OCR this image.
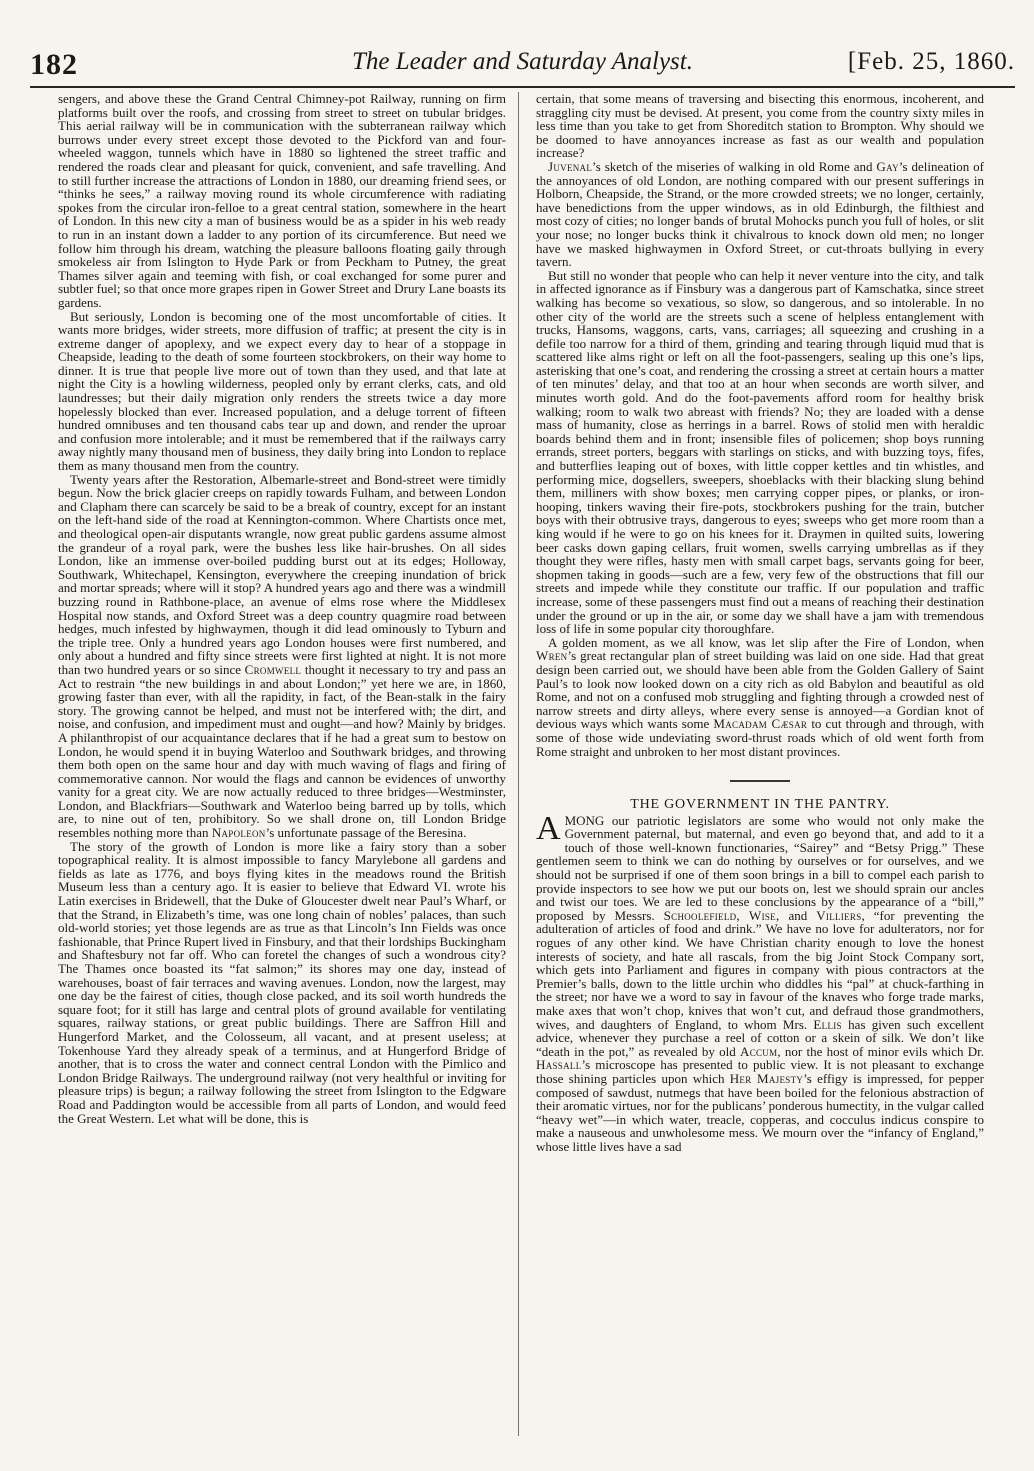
182	The Leader and Saturday Analyst.	[Feb. 25, 1860.

sengers, and above these the Grand Central Chimney-pot Railway, running on firm platforms built over the roofs, and crossing from street to street on tubular bridges. This aerial railway will be in communication with the subterranean railway which burrows under every street except those devoted to the Pickford van and four-wheeled waggon, tunnels which have in 1880 so lightened the street traffic and rendered the roads clear and pleasant for quick, convenient, and safe travelling. And to still further increase the attractions of London in 1880, our dreaming friend sees, or “thinks he sees,” a railway moving round its whole circumference with radiating spokes from the circular iron-felloe to a great central station, somewhere in the heart of London. In this new city a man of business would be as a spider in his web ready to run in an instant down a ladder to any portion of its circumference. But need we follow him through his dream, watching the pleasure balloons floating gaily through smokeless air from Islington to Hyde Park or from Peckham to Putney, the great Thames silver again and teeming with fish, or coal exchanged for some purer and subtler fuel; so that once more grapes ripen in Gower Street and Drury Lane boasts its gardens.

But seriously, London is becoming one of the most uncomfortable of cities. It wants more bridges, wider streets, more diffusion of traffic; at present the city is in extreme danger of apoplexy, and we expect every day to hear of a stoppage in Cheapside, leading to the death of some fourteen stockbrokers, on their way home to dinner. It is true that people live more out of town than they used, and that late at night the City is a howling wilderness, peopled only by errant clerks, cats, and old laundresses; but their daily migration only renders the streets twice a day more hopelessly blocked than ever. Increased population, and a deluge torrent of fifteen hundred omnibuses and ten thousand cabs tear up and down, and render the uproar and confusion more intolerable; and it must be remembered that if the railways carry away nightly many thousand men of business, they daily bring into London to replace them as many thousand men from the country.

Twenty years after the Restoration, Albemarle-street and Bond-street were timidly begun. Now the brick glacier creeps on rapidly towards Fulham, and between London and Clapham there can scarcely be said to be a break of country, except for an instant on the left-hand side of the road at Kennington-common. Where Chartists once met, and theological open-air disputants wrangle, now great public gardens assume almost the grandeur of a royal park, were the bushes less like hair-brushes. On all sides London, like an immense over-boiled pudding burst out at its edges; Holloway, Southwark, Whitechapel, Kensington, everywhere the creeping inundation of brick and mortar spreads; where will it stop? A hundred years ago and there was a windmill buzzing round in Rathbone-place, an avenue of elms rose where the Middlesex Hospital now stands, and Oxford Street was a deep country quagmire road between hedges, much infested by highwaymen, though it did lead ominously to Tyburn and the triple tree. Only a hundred years ago London houses were first numbered, and only about a hundred and fifty since streets were first lighted at night. It is not more than two hundred years or so since Cromwell thought it necessary to try and pass an Act to restrain “the new buildings in and about London;” yet here we are, in 1860, growing faster than ever, with all the rapidity, in fact, of the Bean-stalk in the fairy story. The growing cannot be helped, and must not be interfered with; the dirt, and noise, and confusion, and impediment must and ought—and how? Mainly by bridges. A philanthropist of our acquaintance declares that if he had a great sum to bestow on London, he would spend it in buying Waterloo and Southwark bridges, and throwing them both open on the same hour and day with much waving of flags and firing of commemorative cannon. Nor would the flags and cannon be evidences of unworthy vanity for a great city. We are now actually reduced to three bridges—Westminster, London, and Blackfriars—Southwark and Waterloo being barred up by tolls, which are, to nine out of ten, prohibitory. So we shall drone on, till London Bridge resembles nothing more than Napoleon’s unfortunate passage of the Beresina.

The story of the growth of London is more like a fairy story than a sober topographical reality. It is almost impossible to fancy Marylebone all gardens and fields as late as 1776, and boys flying kites in the meadows round the British Museum less than a century ago. It is easier to believe that Edward VI. wrote his Latin exercises in Bridewell, that the Duke of Gloucester dwelt near Paul’s Wharf, or that the Strand, in Elizabeth’s time, was one long chain of nobles’ palaces, than such old-world stories; yet those legends are as true as that Lincoln’s Inn Fields was once fashionable, that Prince Rupert lived in Finsbury, and that their lordships Buckingham and Shaftesbury not far off. Who can foretel the changes of such a wondrous city? The Thames once boasted its “fat salmon;” its shores may one day, instead of warehouses, boast of fair terraces and waving avenues. London, now the largest, may one day be the fairest of cities, though close packed, and its soil worth hundreds the square foot; for it still has large and central plots of ground available for ventilating squares, railway stations, or great public buildings. There are Saffron Hill and Hungerford Market, and the Colosseum, all vacant, and at present useless; at Tokenhouse Yard they already speak of a terminus, and at Hungerford Bridge of another, that is to cross the water and connect central London with the Pimlico and London Bridge Railways. The underground railway (not very healthful or inviting for pleasure trips) is begun; a railway following the street from Islington to the Edgware Road and Paddington would be accessible from all parts of London, and would feed the Great Western. Let what will be done, this is

certain, that some means of traversing and bisecting this enormous, incoherent, and straggling city must be devised. At present, you come from the country sixty miles in less time than you take to get from Shoreditch station to Brompton. Why should we be doomed to have annoyances increase as fast as our wealth and population increase?

Juvenal’s sketch of the miseries of walking in old Rome and Gay’s delineation of the annoyances of old London, are nothing compared with our present sufferings in Holborn, Cheapside, the Strand, or the more crowded streets; we no longer, certainly, have benedictions from the upper windows, as in old Edinburgh, the filthiest and most cozy of cities; no longer bands of brutal Mohocks punch you full of holes, or slit your nose; no longer bucks think it chivalrous to knock down old men; no longer have we masked highwaymen in Oxford Street, or cut-throats bullying in every tavern.

But still no wonder that people who can help it never venture into the city, and talk in affected ignorance as if Finsbury was a dangerous part of Kamschatka, since street walking has become so vexatious, so slow, so dangerous, and so intolerable. In no other city of the world are the streets such a scene of helpless entanglement with trucks, Hansoms, waggons, carts, vans, carriages; all squeezing and crushing in a defile too narrow for a third of them, grinding and tearing through liquid mud that is scattered like alms right or left on all the foot-passengers, sealing up this one’s lips, asterisking that one’s coat, and rendering the crossing a street at certain hours a matter of ten minutes’ delay, and that too at an hour when seconds are worth silver, and minutes worth gold. And do the foot-pavements afford room for healthy brisk walking; room to walk two abreast with friends? No; they are loaded with a dense mass of humanity, close as herrings in a barrel. Rows of stolid men with heraldic boards behind them and in front; insensible files of policemen; shop boys running errands, street porters, beggars with starlings on sticks, and with buzzing toys, fifes, and butterflies leaping out of boxes, with little copper kettles and tin whistles, and performing mice, dogsellers, sweepers, shoeblacks with their blacking slung behind them, milliners with show boxes; men carrying copper pipes, or planks, or iron-hooping, tinkers waving their fire-pots, stockbrokers pushing for the train, butcher boys with their obtrusive trays, dangerous to eyes; sweeps who get more room than a king would if he were to go on his knees for it. Draymen in quilted suits, lowering beer casks down gaping cellars, fruit women, swells carrying umbrellas as if they thought they were rifles, hasty men with small carpet bags, servants going for beer, shopmen taking in goods—such are a few, very few of the obstructions that fill our streets and impede while they constitute our traffic. If our population and traffic increase, some of these passengers must find out a means of reaching their destination under the ground or up in the air, or some day we shall have a jam with tremendous loss of life in some popular city thoroughfare.

A golden moment, as we all know, was let slip after the Fire of London, when Wren’s great rectangular plan of street building was laid on one side. Had that great design been carried out, we should have been able from the Golden Gallery of Saint Paul’s to look now looked down on a city rich as old Babylon and beautiful as old Rome, and not on a confused mob struggling and fighting through a crowded nest of narrow streets and dirty alleys, where every sense is annoyed—a Gordian knot of devious ways which wants some Macadam Cæsar to cut through and through, with some of those wide undeviating sword-thrust roads which of old went forth from Rome straight and unbroken to her most distant provinces.

THE GOVERNMENT IN THE PANTRY.

AMONG our patriotic legislators are some who would not only make the Government paternal, but maternal, and even go beyond that, and add to it a touch of those well-known functionaries, “Sairey” and “Betsy Prigg.” These gentlemen seem to think we can do nothing by ourselves or for ourselves, and we should not be surprised if one of them soon brings in a bill to compel each parish to provide inspectors to see how we put our boots on, lest we should sprain our ancles and twist our toes. We are led to these conclusions by the appearance of a “bill,” proposed by Messrs. Schoolefield, Wise, and Villiers, “for preventing the adulteration of articles of food and drink.” We have no love for adulterators, nor for rogues of any other kind. We have Christian charity enough to love the honest interests of society, and hate all rascals, from the big Joint Stock Company sort, which gets into Parliament and figures in company with pious contractors at the Premier’s balls, down to the little urchin who diddles his “pal” at chuck-farthing in the street; nor have we a word to say in favour of the knaves who forge trade marks, make axes that won’t chop, knives that won’t cut, and defraud those grandmothers, wives, and daughters of England, to whom Mrs. Ellis has given such excellent advice, whenever they purchase a reel of cotton or a skein of silk. We don’t like “death in the pot,” as revealed by old Accum, nor the host of minor evils which Dr. Hassall’s microscope has presented to public view. It is not pleasant to exchange those shining particles upon which Her Majesty’s effigy is impressed, for pepper composed of sawdust, nutmegs that have been boiled for the felonious abstraction of their aromatic virtues, nor for the publicans’ ponderous humectity, in the vulgar called “heavy wet”—in which water, treacle, copperas, and cocculus indicus conspire to make a nauseous and unwholesome mess. We mourn over the “infancy of England,” whose little lives have a sad
